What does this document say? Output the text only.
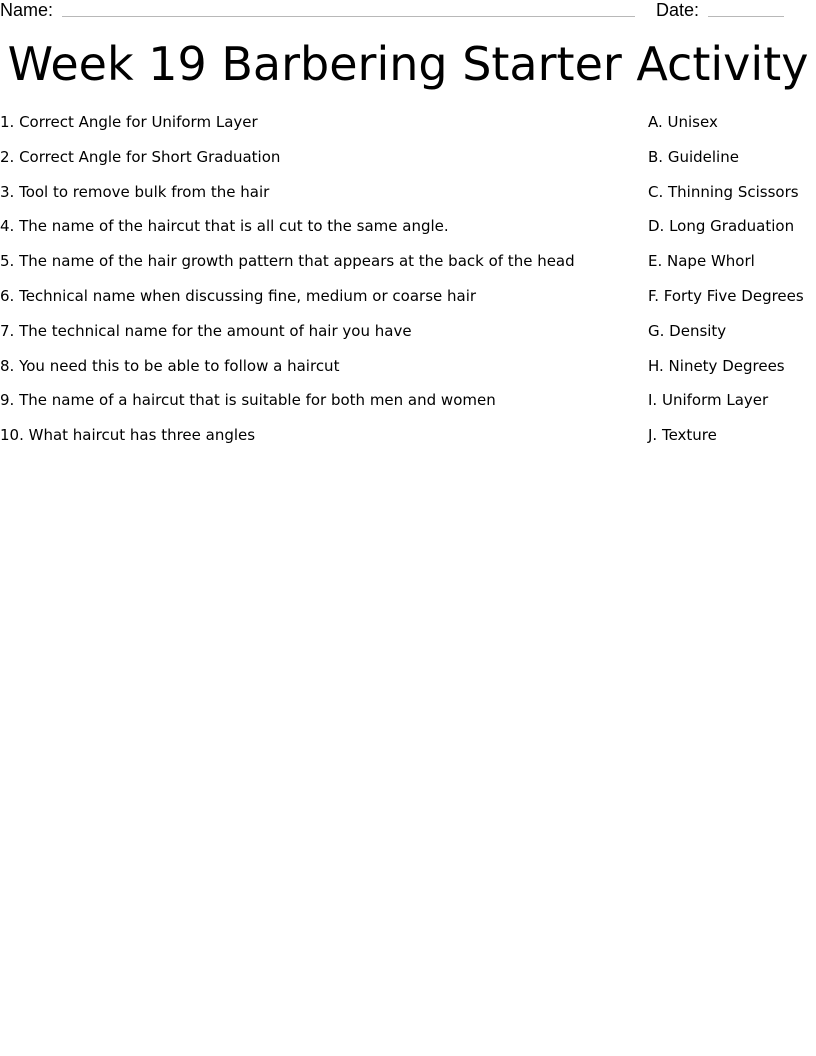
Name:	Date:
Week 19 Barbering Starter Activity
1. Correct Angle for Uniform Layer
2. Correct Angle for Short Graduation
3. Tool to remove bulk from the hair
4. The name of the haircut that is all cut to the same angle.
5. The name of the hair growth pattern that appears at the back of the head
6. Technical name when discussing fine, medium or coarse hair
7. The technical name for the amount of hair you have
8. You need this to be able to follow a haircut
9. The name of a haircut that is suitable for both men and women
10. What haircut has three angles
A. Unisex
B. Guideline
C. Thinning Scissors
D. Long Graduation
E. Nape Whorl
F. Forty Five Degrees
G. Density
H. Ninety Degrees
I. Uniform Layer
J. Texture
